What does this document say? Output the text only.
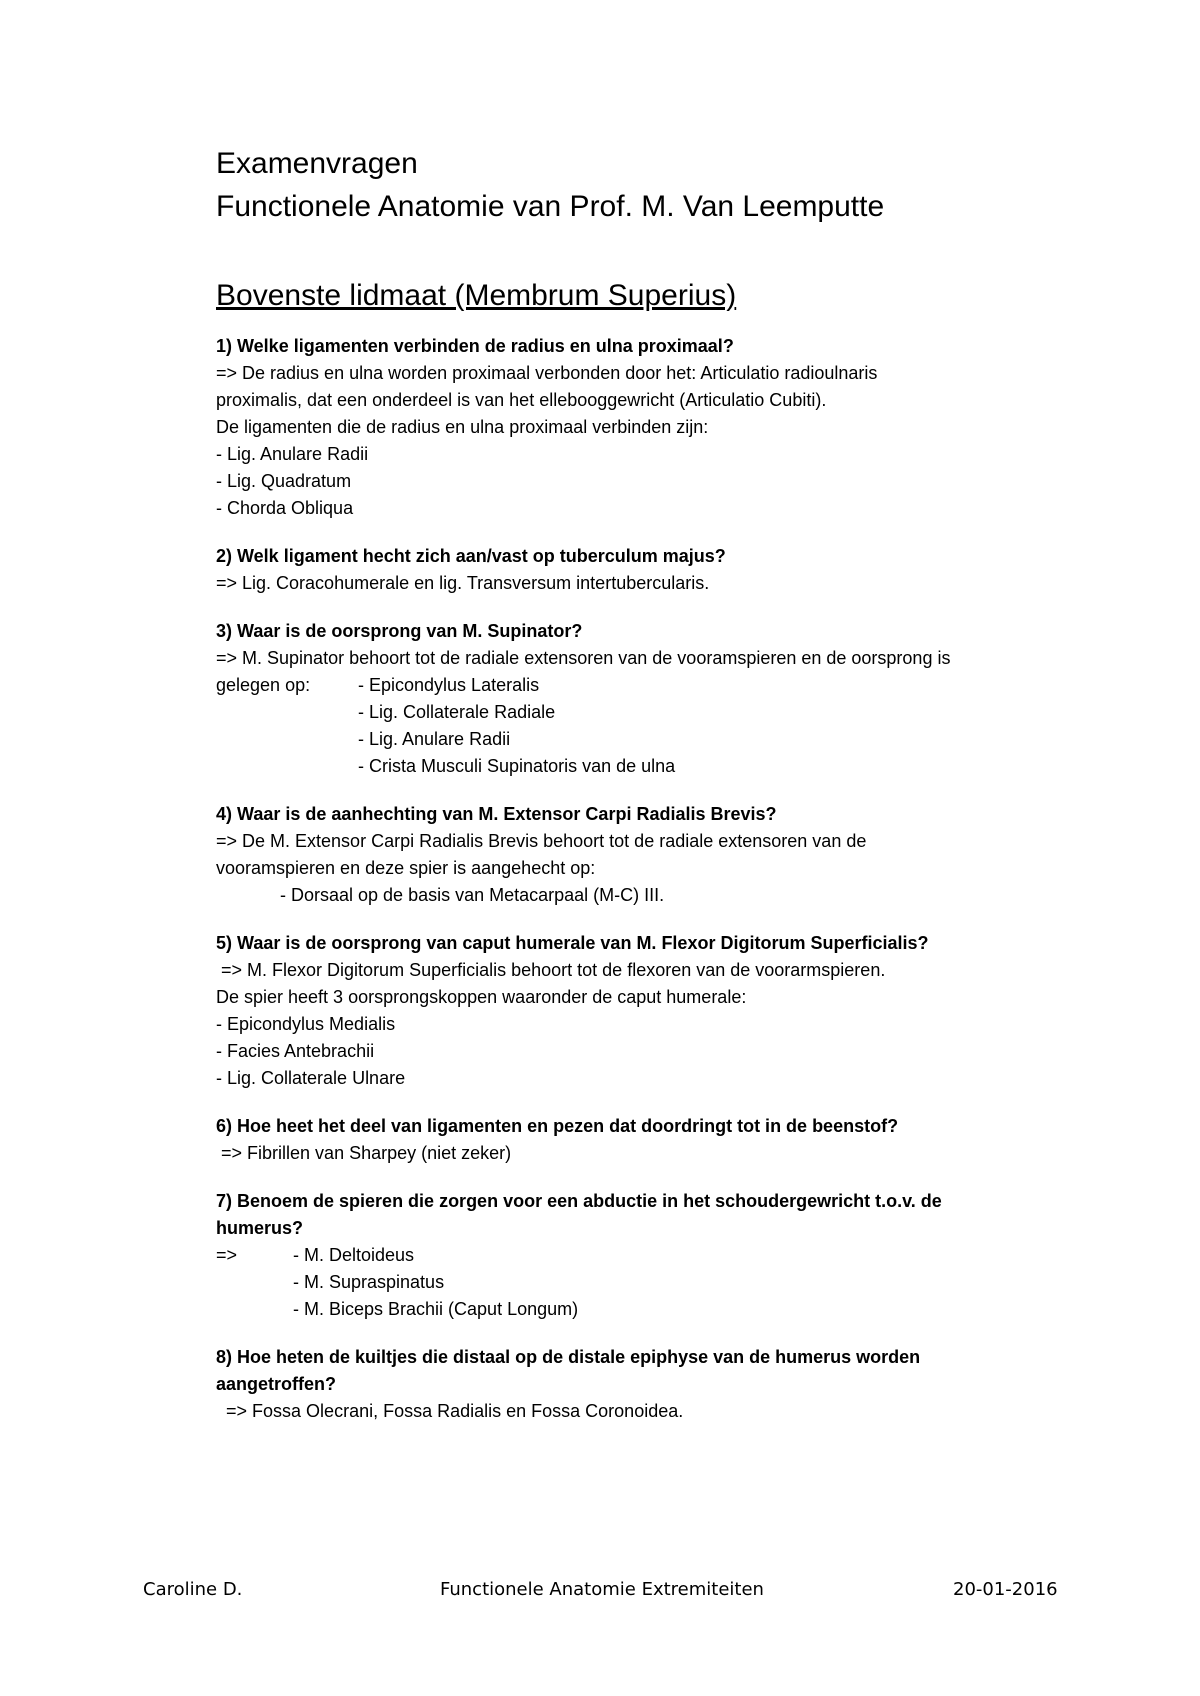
Examenvragen
Functionele Anatomie van Prof. M. Van Leemputte
Bovenste lidmaat (Membrum Superius)
1) Welke ligamenten verbinden de radius en ulna proximaal?
=> De radius en ulna worden proximaal verbonden door het: Articulatio radioulnaris
proximalis, dat een onderdeel is van het ellebooggewricht (Articulatio Cubiti).
De ligamenten die de radius en ulna proximaal verbinden zijn:
- Lig. Anulare Radii
- Lig. Quadratum
- Chorda Obliqua
2) Welk ligament hecht zich aan/vast op tuberculum majus?
=> Lig. Coracohumerale en lig. Transversum intertubercularis.
3) Waar is de oorsprong van M. Supinator?
=> M. Supinator behoort tot de radiale extensoren van de vooramspieren en de oorsprong is
gelegen op:	- Epicondylus Lateralis
- Lig. Collaterale Radiale
- Lig. Anulare Radii
- Crista Musculi Supinatoris van de ulna
4) Waar is de aanhechting van M. Extensor Carpi Radialis Brevis?
=> De M. Extensor Carpi Radialis Brevis behoort tot de radiale extensoren van de
vooramspieren en deze spier is aangehecht op:
- Dorsaal op de basis van Metacarpaal (M-C) III.
5) Waar is de oorsprong van caput humerale van M. Flexor Digitorum Superficialis?
=> M. Flexor Digitorum Superficialis behoort tot de flexoren van de voorarmspieren.
De spier heeft 3 oorsprongskoppen waaronder de caput humerale:
- Epicondylus Medialis
- Facies Antebrachii
- Lig. Collaterale Ulnare
6) Hoe heet het deel van ligamenten en pezen dat doordringt tot in de beenstof?
=> Fibrillen van Sharpey (niet zeker)
7) Benoem de spieren die zorgen voor een abductie in het schoudergewricht t.o.v. de
humerus?
=>	- M. Deltoideus
- M. Supraspinatus
- M. Biceps Brachii (Caput Longum)
8) Hoe heten de kuiltjes die distaal op de distale epiphyse van de humerus worden
aangetroffen?
=> Fossa Olecrani, Fossa Radialis en Fossa Coronoidea.
Caroline D.	Functionele Anatomie Extremiteiten	20-01-2016
